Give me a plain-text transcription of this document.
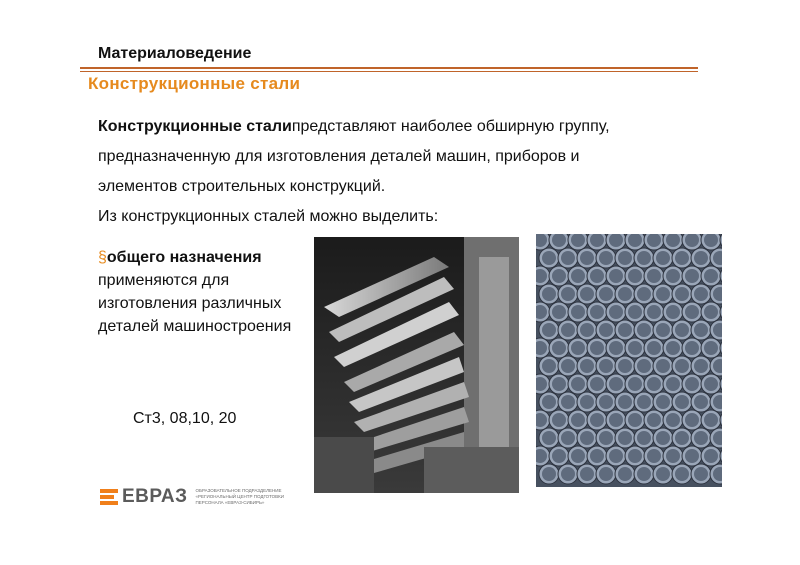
Материаловедение
Конструкционные стали

Конструкционные сталипредставляют наиболее обширную группу,

предназначенную для изготовления деталей машин, приборов и

элементов строительных конструкций.

Из конструкционных сталей можно выделить:

§общего назначения
применяются для изготовления различных деталей машиностроения
Ст3, 08,10, 20
ЕВРАЗ ОБРАЗОВАТЕЛЬНОЕ ПОДРАЗДЕЛЕНИЕ
«РЕГИОНАЛЬНЫЙ ЦЕНТР ПОДГОТОВКИ
ПЕРСОНАЛА «ЕВРАЗ-СИБИРЬ»
